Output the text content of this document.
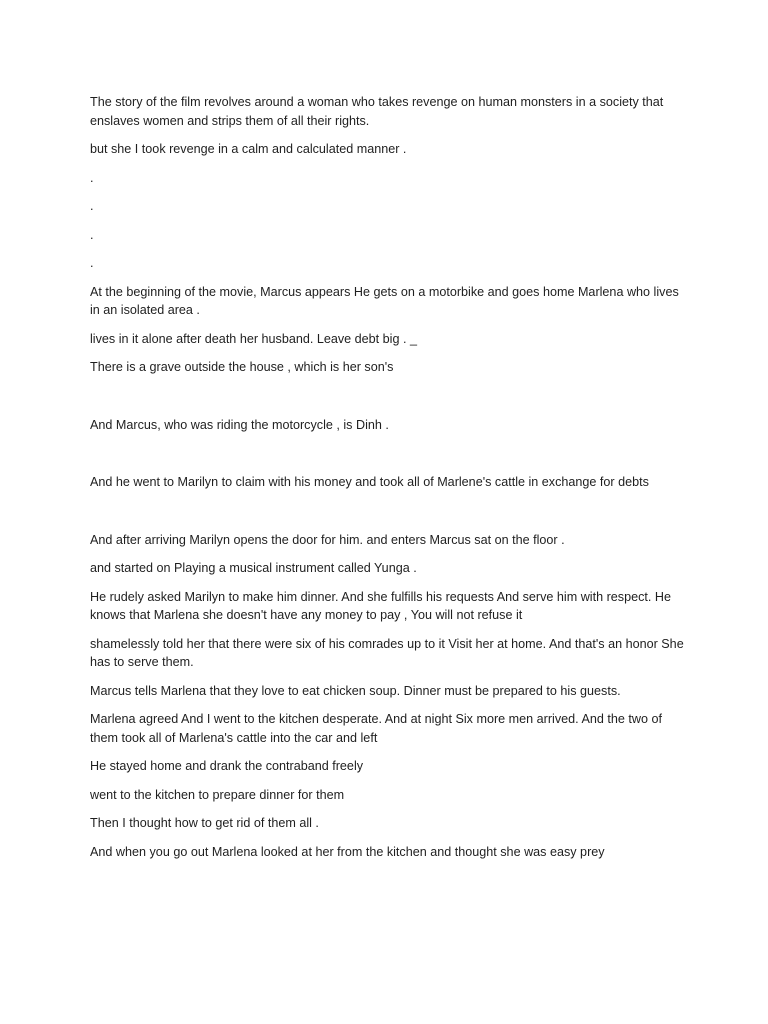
The story of the film revolves around a woman who takes revenge on human monsters in a society that enslaves women and strips them of all their rights.

but she I took revenge in a calm and calculated manner .

.

.

.

.

At the beginning of the movie, Marcus appears He gets on a motorbike and goes home Marlena who lives in an isolated area .

lives in it alone after death her husband. Leave debt big . _

There is a grave outside the house , which is her son's

And Marcus, who was riding the motorcycle , is Dinh .

And he went to Marilyn to claim with his money and took all of Marlene's cattle in exchange for debts

And after arriving Marilyn opens the door for him. and enters Marcus sat on the floor .

and started on Playing a musical instrument called Yunga .

He rudely asked Marilyn to make him dinner. And she fulfills his requests And serve him with respect. He knows that Marlena she doesn't have any money to pay , You will not refuse it

shamelessly told her that there were six of his comrades up to it Visit her at home. And that's an honor She has to serve them.

Marcus tells Marlena that they love to eat chicken soup. Dinner must be prepared to his guests.

Marlena agreed And I went to the kitchen desperate. And at night Six more men arrived. And the two of them took all of Marlena's cattle into the car and left

He stayed home and drank the contraband freely

went to the kitchen to prepare dinner for them

Then I thought how to get rid of them all .

And when you go out Marlena looked at her from the kitchen and thought she was easy prey
